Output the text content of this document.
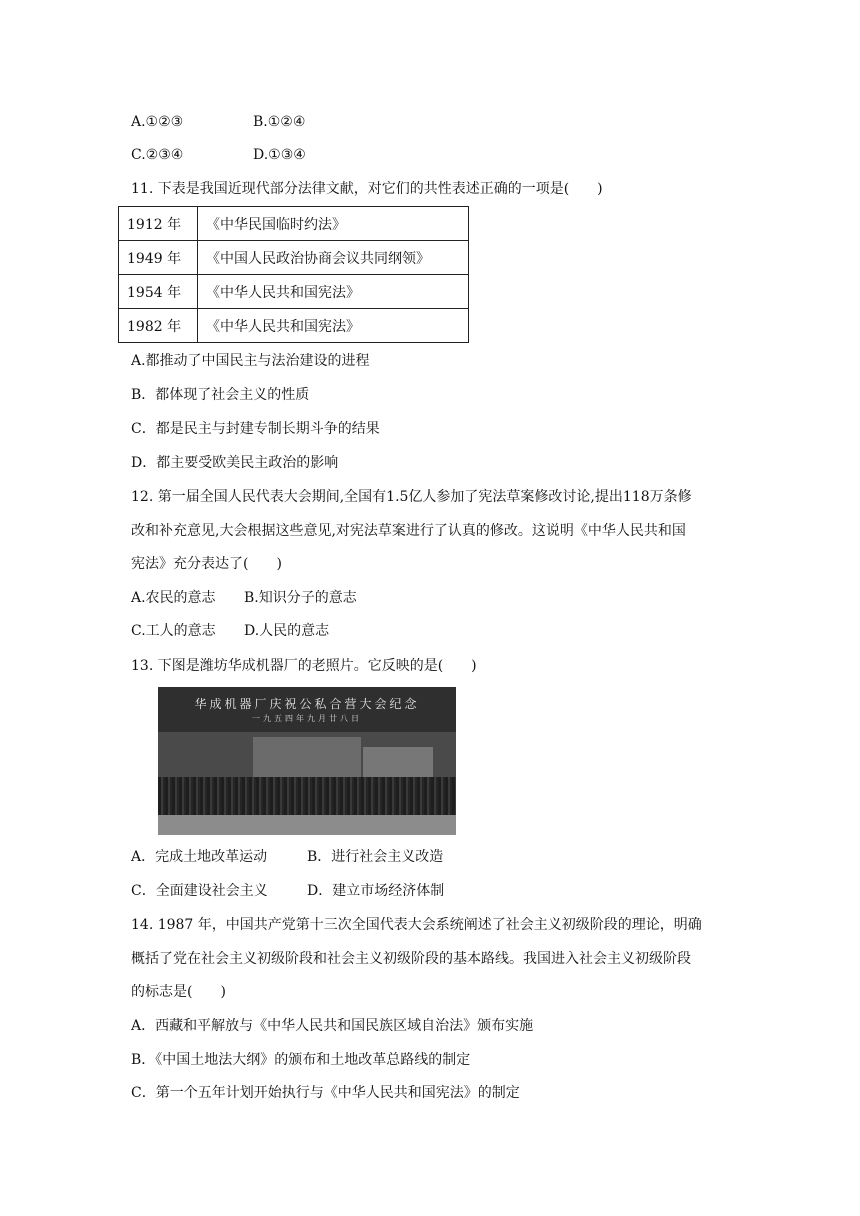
A.①②③	B.①②④
C.②③④	D.①③④
11. 下表是我国近现代部分法律文献，对它们的共性表述正确的一项是(　　)
1912 年	《中华民国临时约法》
1949 年	《中国人民政治协商会议共同纲领》
1954 年	《中华人民共和国宪法》
1982 年	《中华人民共和国宪法》
A.都推动了中国民主与法治建设的进程
B．都体现了社会主义的性质
C．都是民主与封建专制长期斗争的结果
D．都主要受欧美民主政治的影响
12. 第一届全国人民代表大会期间,全国有1.5亿人参加了宪法草案修改讨论,提出118万条修
改和补充意见,大会根据这些意见,对宪法草案进行了认真的修改。这说明《中华人民共和国
宪法》充分表达了(　　)
A.农民的意志 B.知识分子的意志
C.工人的意志 D.人民的意志
13. 下图是潍坊华成机器厂的老照片。它反映的是(　　)
华成机器厂庆祝公私合营大会纪念
一九五四年九月廿八日
A．完成土地改革运动	B．进行社会主义改造
C．全面建设社会主义	D．建立市场经济体制
14. 1987 年，中国共产党第十三次全国代表大会系统阐述了社会主义初级阶段的理论，明确
概括了党在社会主义初级阶段和社会主义初级阶段的基本路线。我国进入社会主义初级阶段
的标志是(　　)
A．西藏和平解放与《中华人民共和国民族区域自治法》颁布实施
B．《中国土地法大纲》的颁布和土地改革总路线的制定
C．第一个五年计划开始执行与《中华人民共和国宪法》的制定
